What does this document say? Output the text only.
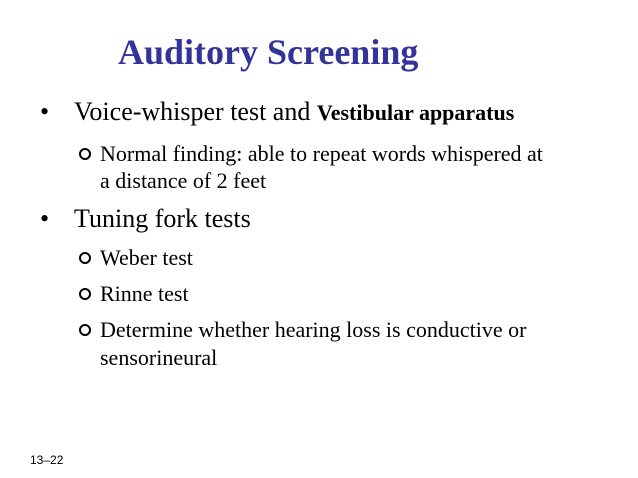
Auditory Screening
• Voice-whisper test and Vestibular apparatus
Normal finding: able to repeat words whispered at
a distance of 2 feet
• Tuning fork tests
Weber test
Rinne test
Determine whether hearing loss is conductive or
sensorineural
13–22
